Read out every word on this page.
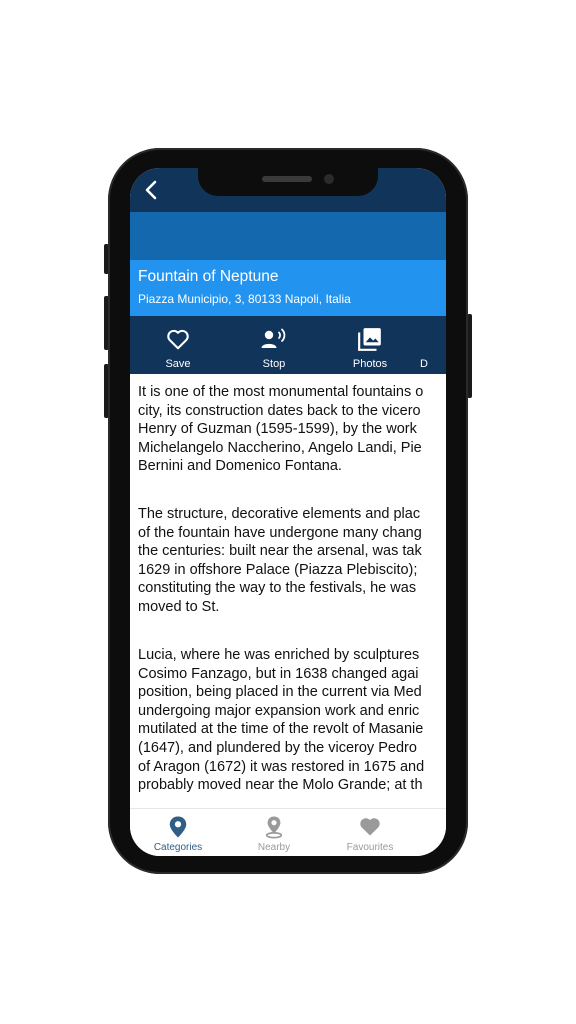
Fountain of Neptune
Piazza Municipio, 3, 80133 Napoli, Italia
Save	Stop	Photos	D
It is one of the most monumental fountains o
city, its construction dates back to the vicero
Henry of Guzman (1595-1599), by the work
Michelangelo Naccherino, Angelo Landi, Pie
Bernini and Domenico Fontana.
The structure, decorative elements and plac
of the fountain have undergone many chang
the centuries: built near the arsenal, was tak
1629 in offshore Palace (Piazza Plebiscito);
constituting the way to the festivals, he was
moved to St.
Lucia, where he was enriched by sculptures
Cosimo Fanzago, but in 1638 changed agai
position, being placed in the current via Med
undergoing major expansion work and enric
mutilated at the time of the revolt of Masanie
(1647), and plundered by the viceroy Pedro
of Aragon (1672) it was restored in 1675 and
probably moved near the Molo Grande; at th
Categories	Nearby	Favourites
